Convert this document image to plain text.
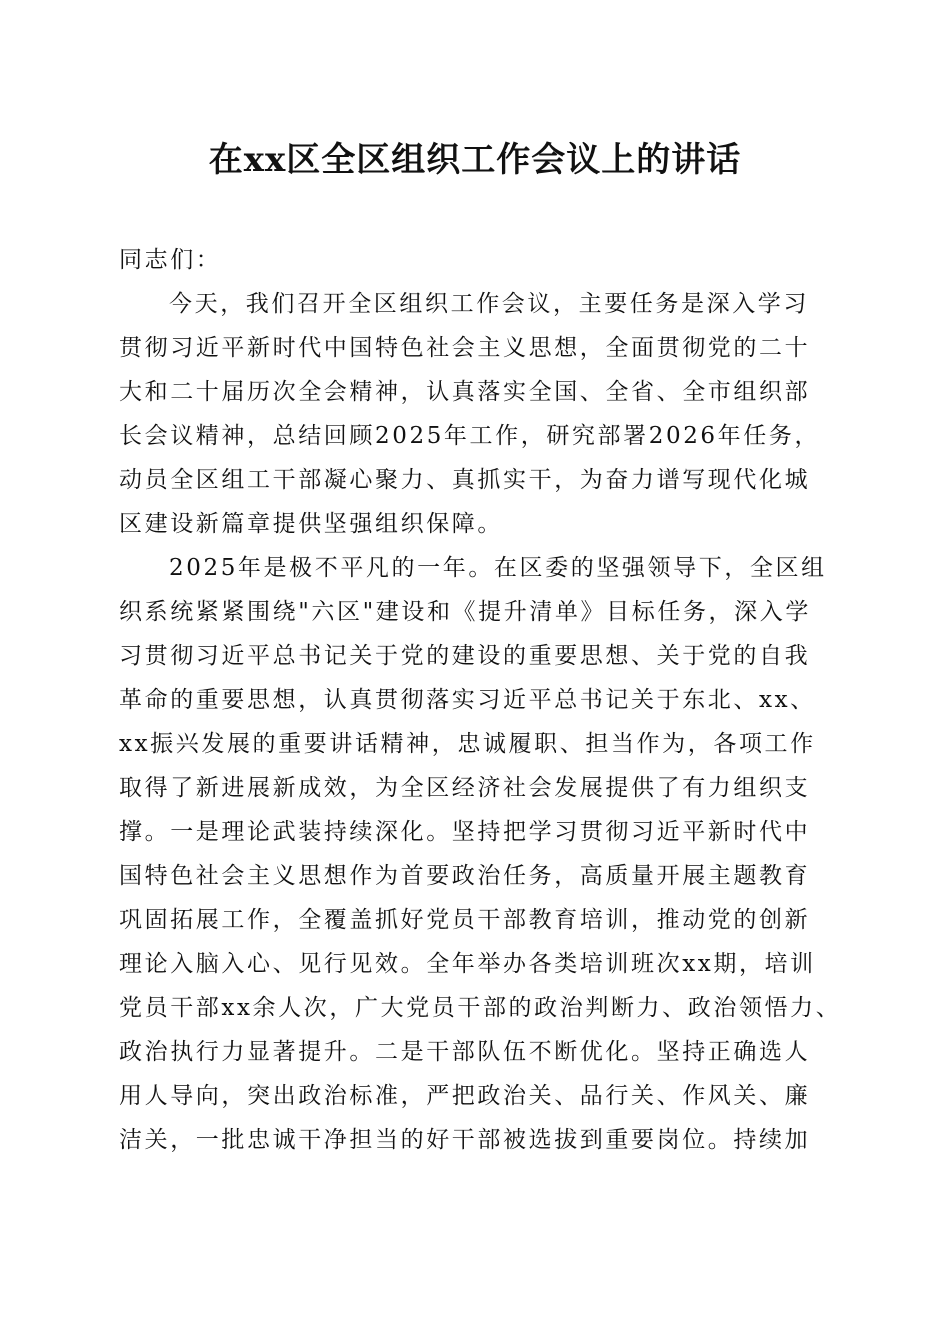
在xx区全区组织工作会议上的讲话
同志们：
今天，我们召开全区组织工作会议，主要任务是深入学习
贯彻习近平新时代中国特色社会主义思想，全面贯彻党的二十
大和二十届历次全会精神，认真落实全国、全省、全市组织部
长会议精神，总结回顾2025年工作，研究部署2026年任务，
动员全区组工干部凝心聚力、真抓实干，为奋力谱写现代化城
区建设新篇章提供坚强组织保障。
2025年是极不平凡的一年。在区委的坚强领导下，全区组
织系统紧紧围绕"六区"建设和《提升清单》目标任务，深入学
习贯彻习近平总书记关于党的建设的重要思想、关于党的自我
革命的重要思想，认真贯彻落实习近平总书记关于东北、xx、
xx振兴发展的重要讲话精神，忠诚履职、担当作为，各项工作
取得了新进展新成效，为全区经济社会发展提供了有力组织支
撑。一是理论武装持续深化。坚持把学习贯彻习近平新时代中
国特色社会主义思想作为首要政治任务，高质量开展主题教育
巩固拓展工作，全覆盖抓好党员干部教育培训，推动党的创新
理论入脑入心、见行见效。全年举办各类培训班次xx期，培训
党员干部xx余人次，广大党员干部的政治判断力、政治领悟力、
政治执行力显著提升。二是干部队伍不断优化。坚持正确选人
用人导向，突出政治标准，严把政治关、品行关、作风关、廉
洁关，一批忠诚干净担当的好干部被选拔到重要岗位。持续加
